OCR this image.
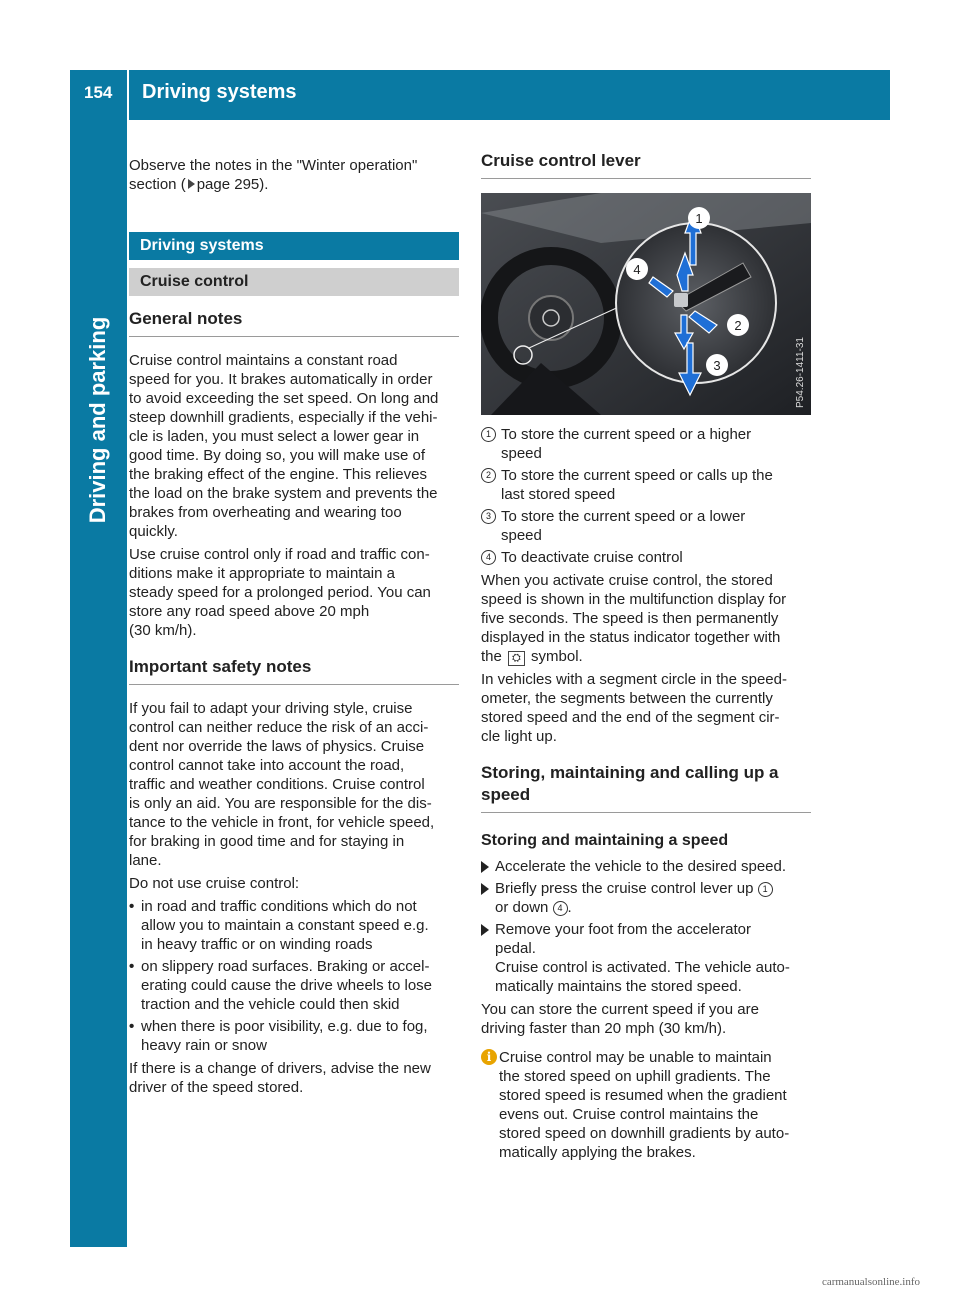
154 Driving systems
Driving and parking

Observe the notes in the "Winter operation"
section ( page 295).

Driving systems
Cruise control
General notes

Cruise control maintains a constant road
speed for you. It brakes automatically in order
to avoid exceeding the set speed. On long and
steep downhill gradients, especially if the vehi-
cle is laden, you must select a lower gear in
good time. By doing so, you will make use of
the braking effect of the engine. This relieves
the load on the brake system and prevents the
brakes from overheating and wearing too
quickly.

Use cruise control only if road and traffic con-
ditions make it appropriate to maintain a
steady speed for a prolonged period. You can
store any road speed above 20 mph
(30 km/h).

Important safety notes

If you fail to adapt your driving style, cruise
control can neither reduce the risk of an acci-
dent nor override the laws of physics. Cruise
control cannot take into account the road,
traffic and weather conditions. Cruise control
is only an aid. You are responsible for the dis-
tance to the vehicle in front, for vehicle speed,
for braking in good time and for staying in
lane.

Do not use cruise control:

• in road and traffic conditions which do not
allow you to maintain a constant speed e.g.
in heavy traffic or on winding roads
• on slippery road surfaces. Braking or accel-
erating could cause the drive wheels to lose
traction and the vehicle could then skid
• when there is poor visibility, e.g. due to fog,
heavy rain or snow

If there is a change of drivers, advise the new
driver of the speed stored.

Cruise control lever
1
2
3
4
P54.26-1411-31
1 To store the current speed or a higher
speed
2 To store the current speed or calls up the
last stored speed
3 To store the current speed or a lower
speed
4 To deactivate cruise control

When you activate cruise control, the stored
speed is shown in the multifunction display for
five seconds. The speed is then permanently
displayed in the status indicator together with
the ⛭ symbol.

In vehicles with a segment circle in the speed-
ometer, the segments between the currently
stored speed and the end of the segment cir-
cle light up.

Storing, maintaining and calling up a
speed
Storing and maintaining a speed
Accelerate the vehicle to the desired speed.
Briefly press the cruise control lever up 1
or down 4 .
Remove your foot from the accelerator
pedal.
Cruise control is activated. The vehicle auto-
matically maintains the stored speed.

You can store the current speed if you are
driving faster than 20 mph (30 km/h).

i Cruise control may be unable to maintain
the stored speed on uphill gradients. The
stored speed is resumed when the gradient
evens out. Cruise control maintains the
stored speed on downhill gradients by auto-
matically applying the brakes.
carmanualsonline.info
